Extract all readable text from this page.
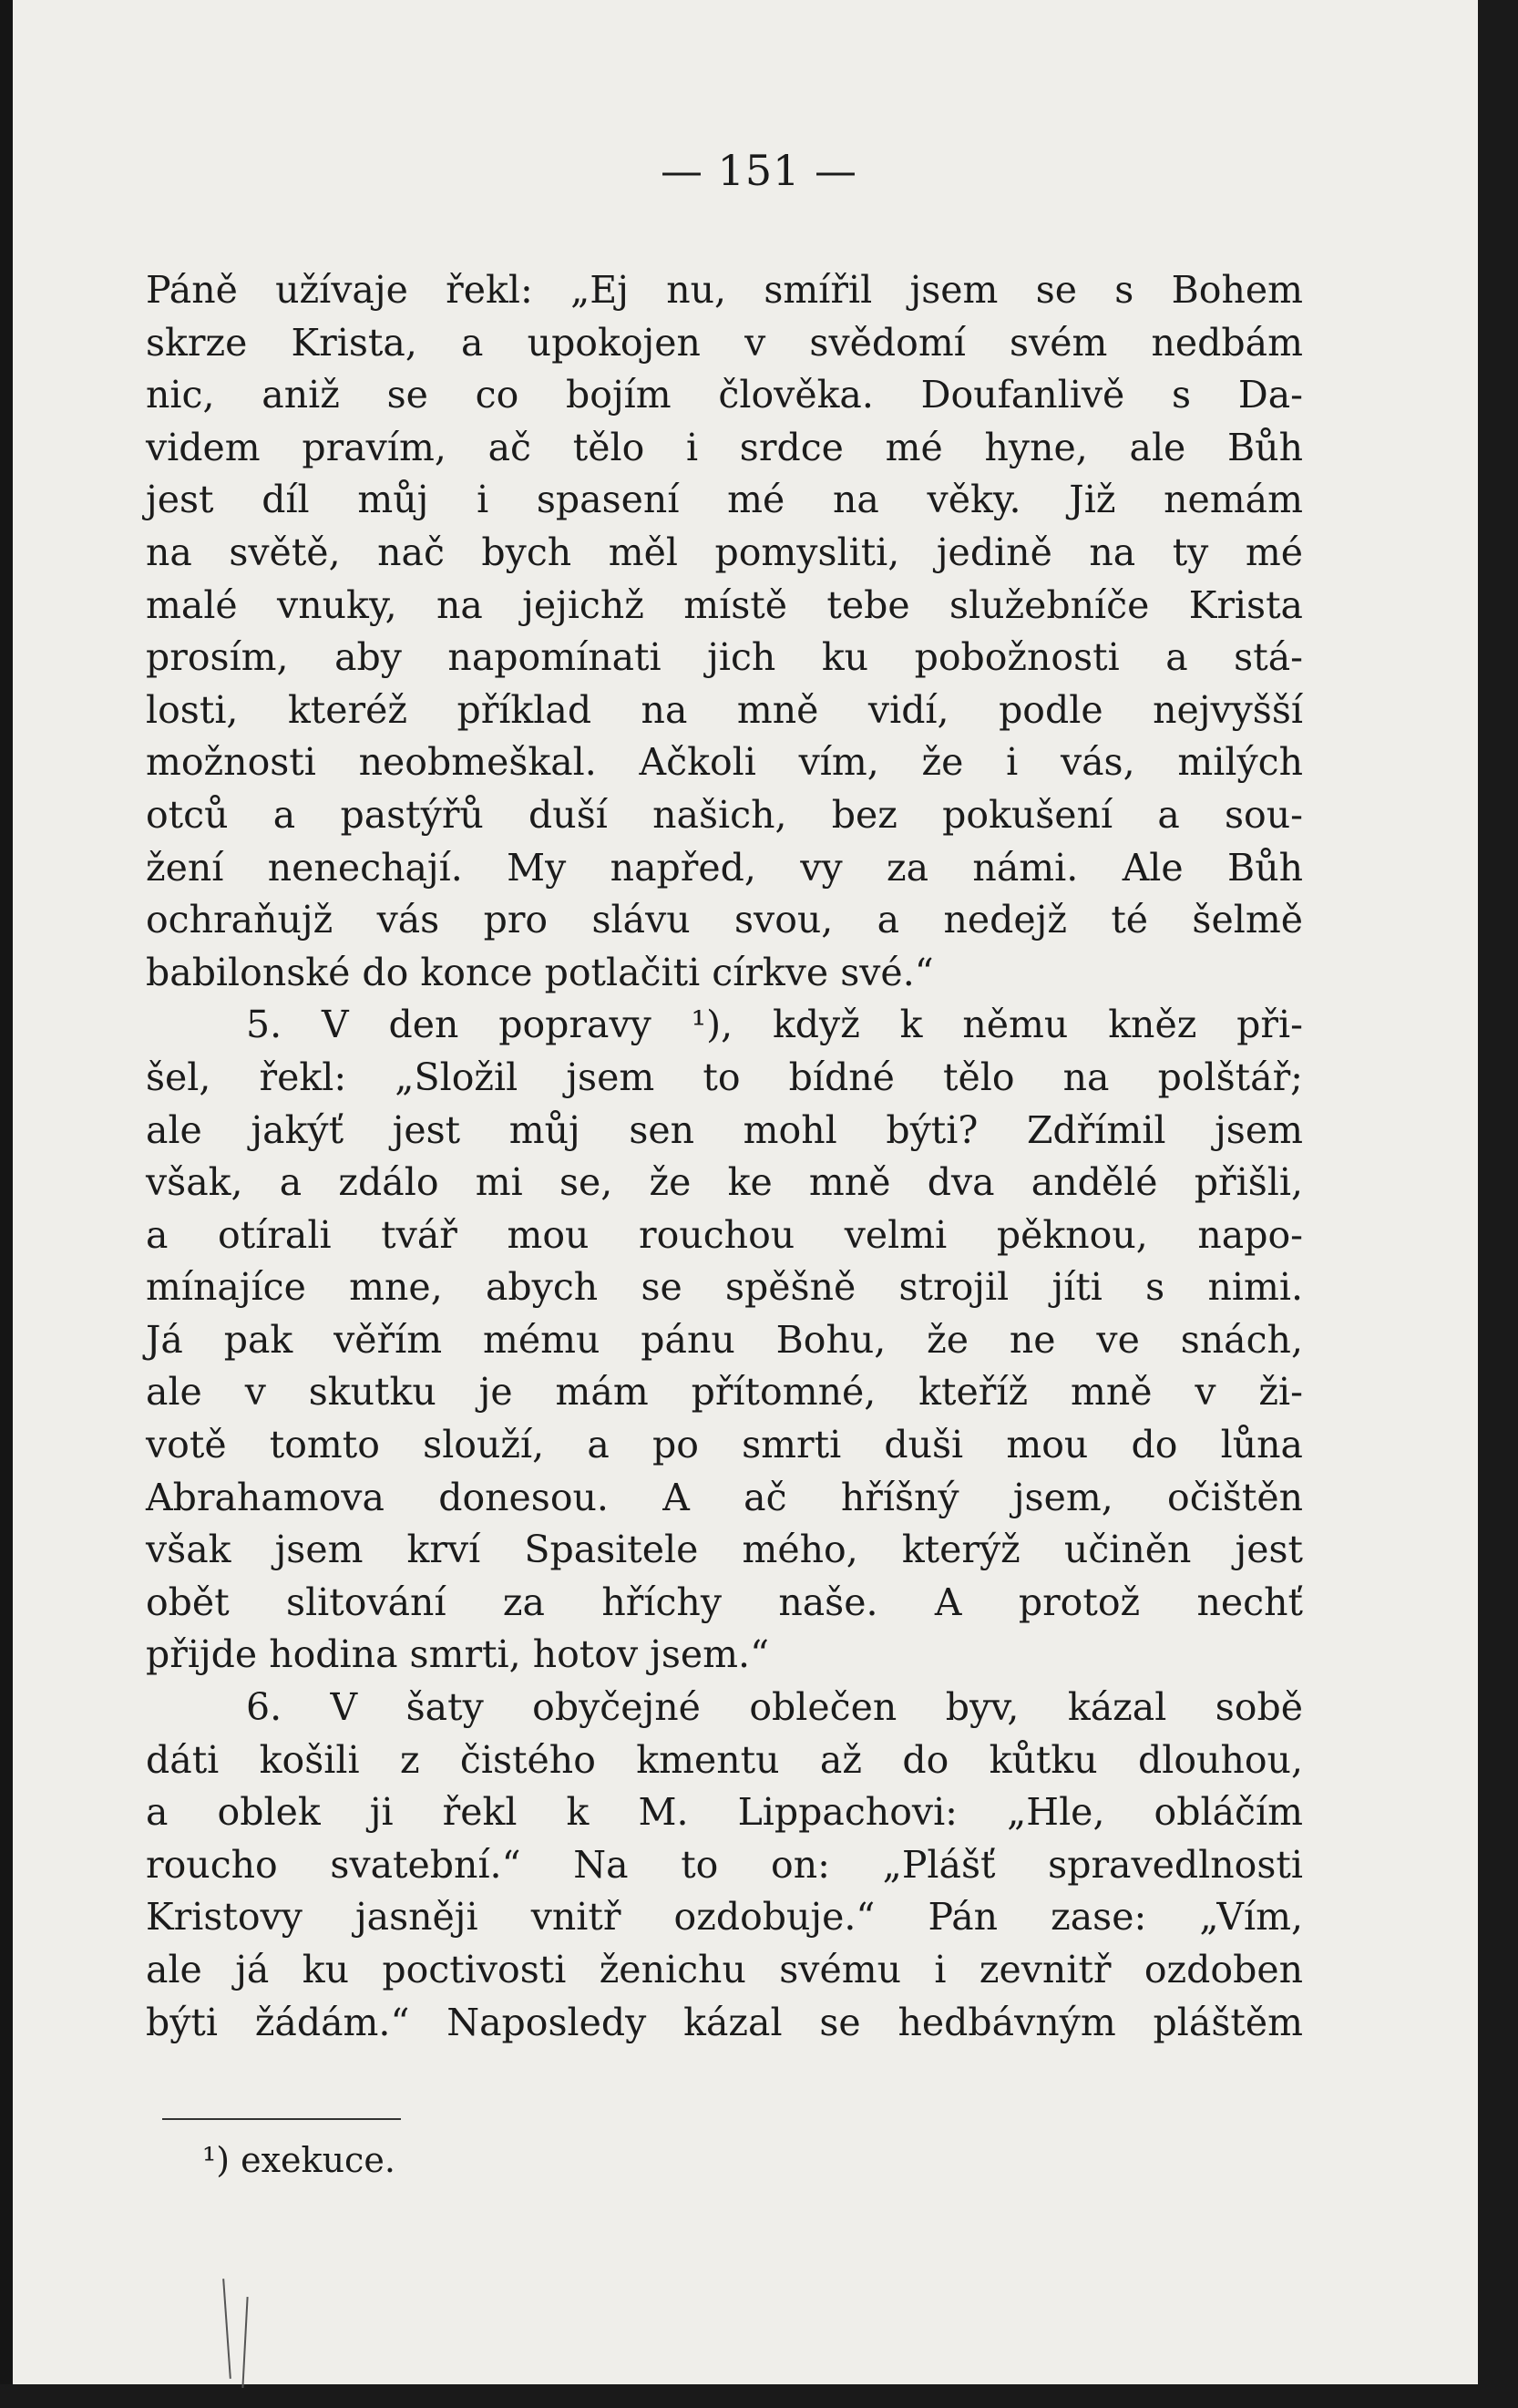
— 151 —
Páně užívaje řekl: „Ej nu, smířil jsem se s Bohem
skrze Krista, a upokojen v svědomí svém nedbám
nic, aniž se co bojím člověka. Doufanlivě s Da-
videm pravím, ač tělo i srdce mé hyne, ale Bůh
jest díl můj i spasení mé na věky. Již nemám
na světě, nač bych měl pomysliti, jedině na ty mé
malé vnuky, na jejichž místě tebe služebníče Krista
prosím, aby napomínati jich ku pobožnosti a stá-
losti, kteréž příklad na mně vidí, podle nejvyšší
možnosti neobmeškal. Ačkoli vím, že i vás, milých
otců a pastýřů duší našich, bez pokušení a sou-
žení nenechají. My napřed, vy za námi. Ale Bůh
ochraňujž vás pro slávu svou, a nedejž té šelmě
babilonské do konce potlačiti církve své.“
5. V den popravy ¹), když k němu kněz při-
šel, řekl: „Složil jsem to bídné tělo na polštář;
ale jakýť jest můj sen mohl býti? Zdřímil jsem
však, a zdálo mi se, že ke mně dva andělé přišli,
a otírali tvář mou rouchou velmi pěknou, napo-
mínajíce mne, abych se spěšně strojil jíti s nimi.
Já pak věřím mému pánu Bohu, že ne ve snách,
ale v skutku je mám přítomné, kteříž mně v ži-
votě tomto slouží, a po smrti duši mou do lůna
Abrahamova donesou. A ač hříšný jsem, očištěn
však jsem krví Spasitele mého, kterýž učiněn jest
obět slitování za hříchy naše. A protož nechť
přijde hodina smrti, hotov jsem.“
6. V šaty obyčejné oblečen byv, kázal sobě
dáti košili z čistého kmentu až do kůtku dlouhou,
a oblek ji řekl k M. Lippachovi: „Hle, obláčím
roucho svatební.“ Na to on: „Plášť spravedlnosti
Kristovy jasněji vnitř ozdobuje.“ Pán zase: „Vím,
ale já ku poctivosti ženichu svému i zevnitř ozdoben
býti žádám.“ Naposledy kázal se hedbávným pláštěm
¹) exekuce.
